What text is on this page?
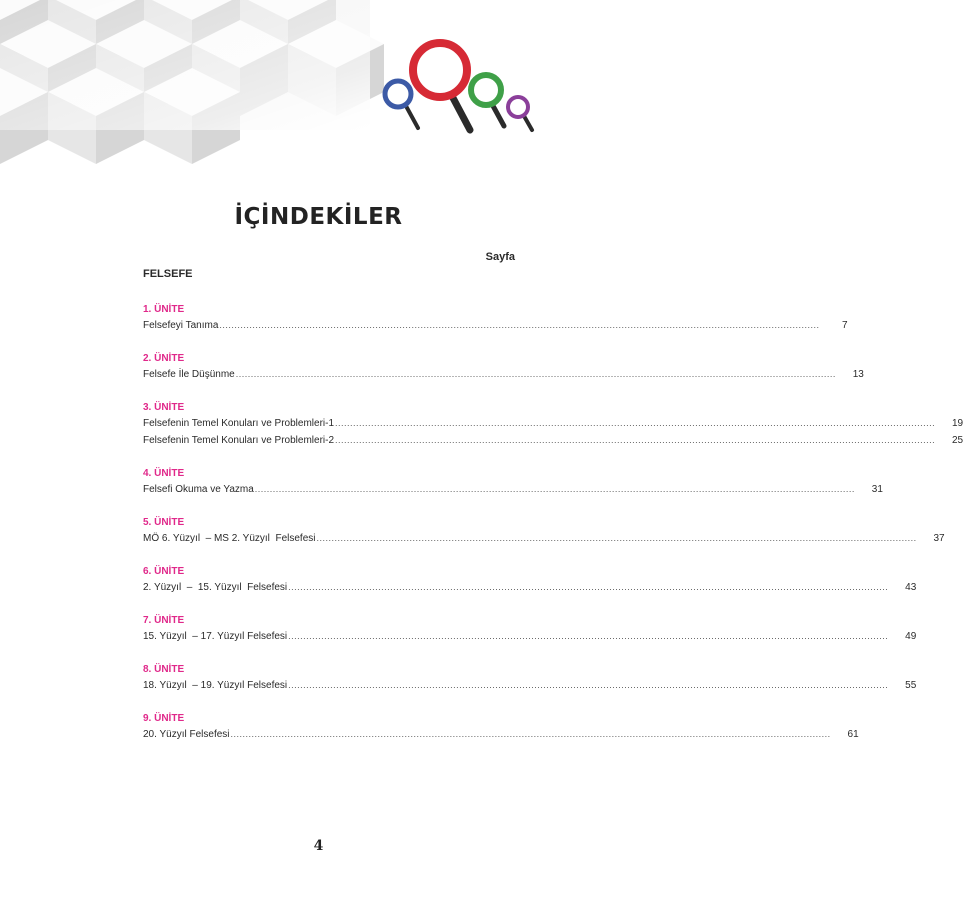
İÇİNDEKİLER
Sayfa
FELSEFE
1. ÜNİTE
Felsefeyi Tanıma ........................................................................................................................................................................................................	7
2. ÜNİTE
Felsefe İle Düşünme ........................................................................................................................................................................................................	13
3. ÜNİTE
Felsefenin Temel Konuları ve Problemleri-1 ........................................................................................................................................................................................................	19
Felsefenin Temel Konuları ve Problemleri-2 ........................................................................................................................................................................................................	25
4. ÜNİTE
Felsefi Okuma ve Yazma ........................................................................................................................................................................................................	31
5. ÜNİTE
MÖ 6. Yüzyıl  – MS 2. Yüzyıl  Felsefesi ........................................................................................................................................................................................................	37
6. ÜNİTE
2. Yüzyıl  –  15. Yüzyıl  Felsefesi ........................................................................................................................................................................................................	43
7. ÜNİTE
15. Yüzyıl  – 17. Yüzyıl Felsefesi ........................................................................................................................................................................................................	49
8. ÜNİTE
18. Yüzyıl  – 19. Yüzyıl Felsefesi ........................................................................................................................................................................................................	55
9. ÜNİTE
20. Yüzyıl Felsefesi ........................................................................................................................................................................................................	61
4
